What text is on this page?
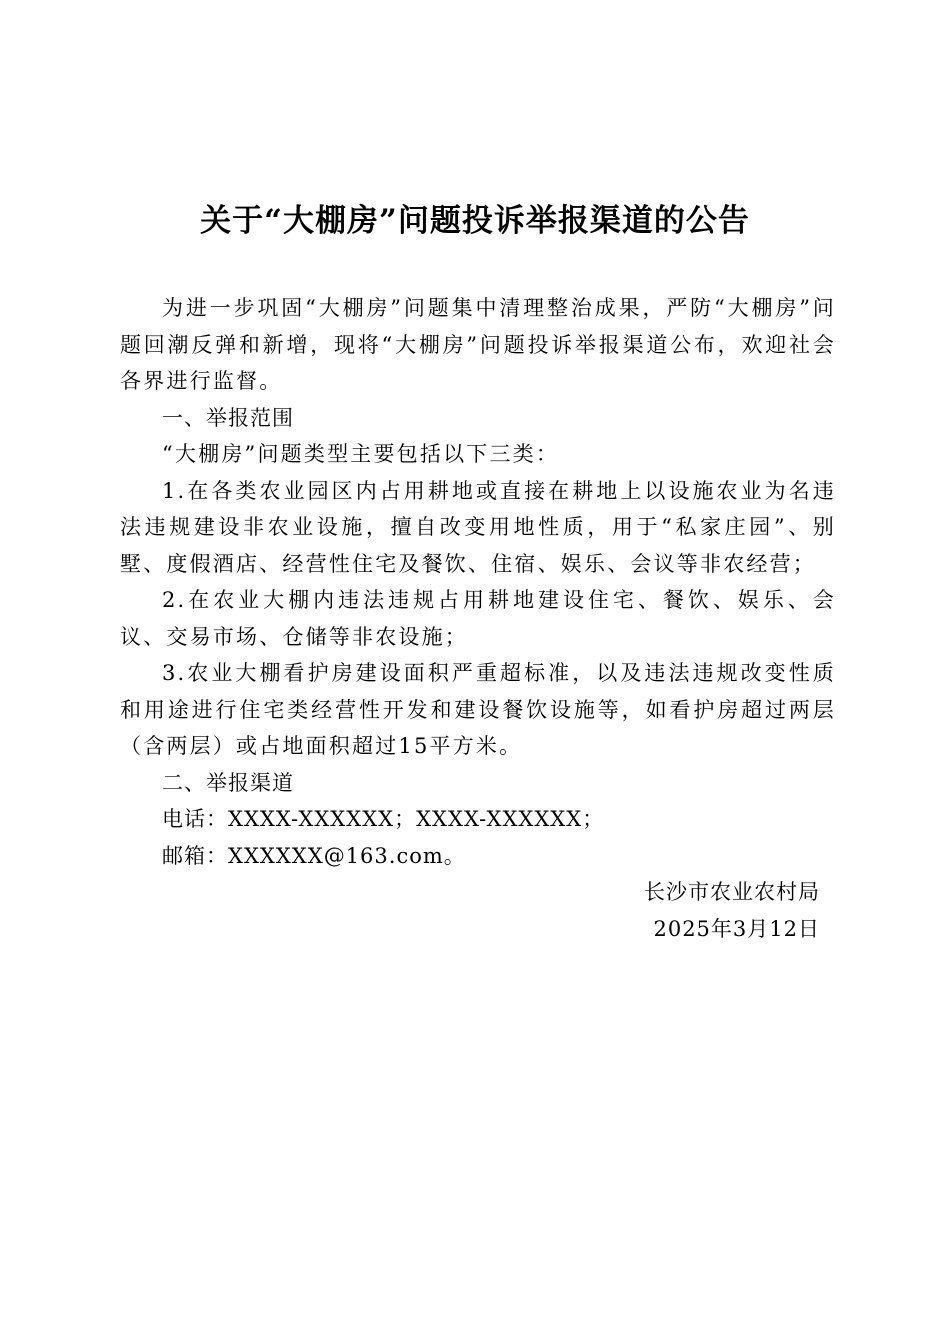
关于“大棚房”问题投诉举报渠道的公告

为进一步巩固“大棚房”问题集中清理整治成果，严防“大棚房”问题回潮反弹和新增，现将“大棚房”问题投诉举报渠道公布，欢迎社会各界进行监督。

一、举报范围

“大棚房”问题类型主要包括以下三类：

1.在各类农业园区内占用耕地或直接在耕地上以设施农业为名违法违规建设非农业设施，擅自改变用地性质，用于“私家庄园”、别墅、度假酒店、经营性住宅及餐饮、住宿、娱乐、会议等非农经营；

2.在农业大棚内违法违规占用耕地建设住宅、餐饮、娱乐、会议、交易市场、仓储等非农设施；

3.农业大棚看护房建设面积严重超标准，以及违法违规改变性质和用途进行住宅类经营性开发和建设餐饮设施等，如看护房超过两层（含两层）或占地面积超过15平方米。

二、举报渠道

电话：XXXX-XXXXXX；XXXX-XXXXXX；

邮箱：XXXXXX@163.com。

长沙市农业农村局

2025年3月12日
